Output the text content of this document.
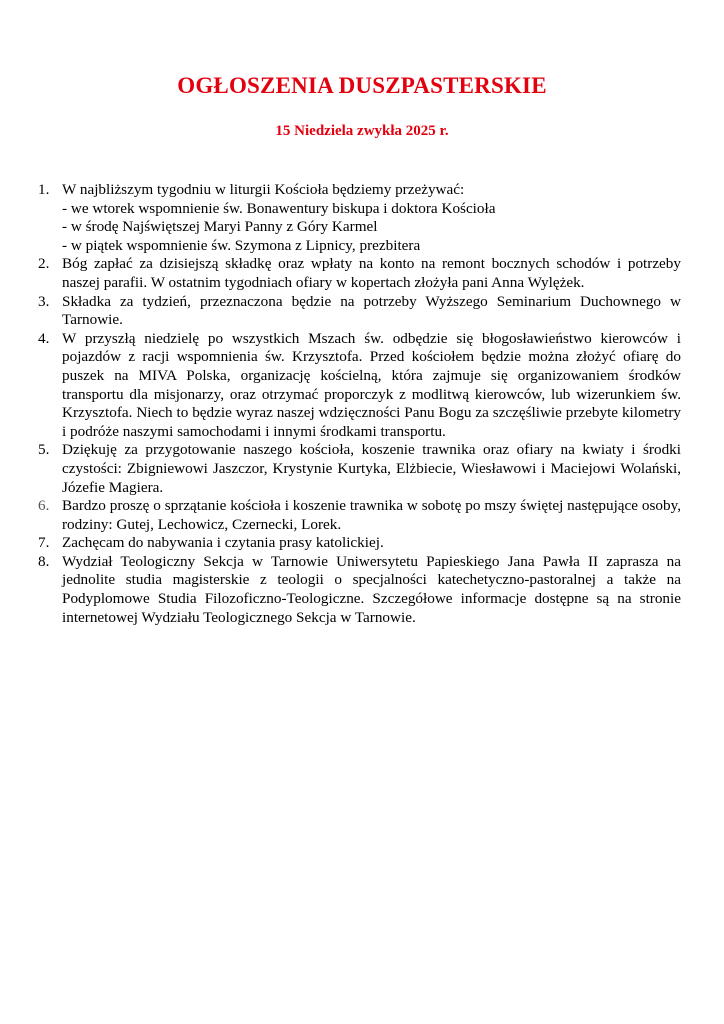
OGŁOSZENIA DUSZPASTERSKIE
15 Niedziela zwykła 2025 r.
1. W najbliższym tygodniu w liturgii Kościoła będziemy przeżywać:
- we wtorek wspomnienie św. Bonawentury biskupa i doktora Kościoła
- w środę Najświętszej Maryi Panny z Góry Karmel
- w piątek wspomnienie św. Szymona z Lipnicy, prezbitera
2. Bóg zapłać za dzisiejszą składkę oraz wpłaty na konto na remont bocznych schodów i potrzeby naszej parafii. W ostatnim tygodniach ofiary w kopertach złożyła pani Anna Wylężek.
3. Składka za tydzień, przeznaczona będzie na potrzeby Wyższego Seminarium Duchownego w Tarnowie.
4. W przyszłą niedzielę po wszystkich Mszach św. odbędzie się błogosławieństwo kierowców i pojazdów z racji wspomnienia św. Krzysztofa. Przed kościołem będzie można złożyć ofiarę do puszek na MIVA Polska, organizację kościelną, która zajmuje się organizowaniem środków transportu dla misjonarzy, oraz otrzymać proporczyk z modlitwą kierowców, lub wizerunkiem św. Krzysztofa. Niech to będzie wyraz naszej wdzięczności Panu Bogu za szczęśliwie przebyte kilometry i podróże naszymi samochodami i innymi środkami transportu.
5. Dziękuję za przygotowanie naszego kościoła, koszenie trawnika oraz ofiary na kwiaty i środki czystości: Zbigniewowi Jaszczor, Krystynie Kurtyka, Elżbiecie, Wiesławowi i Maciejowi Wolański, Józefie Magiera.
6. Bardzo proszę o sprzątanie kościoła i koszenie trawnika w sobotę po mszy świętej następujące osoby, rodziny: Gutej, Lechowicz, Czernecki, Lorek.
7. Zachęcam do nabywania i czytania prasy katolickiej.
8. Wydział Teologiczny Sekcja w Tarnowie Uniwersytetu Papieskiego Jana Pawła II zaprasza na jednolite studia magisterskie z teologii o specjalności katechetyczno-pastoralnej a także na Podyplomowe Studia Filozoficzno-Teologiczne. Szczegółowe informacje dostępne są na stronie internetowej Wydziału Teologicznego Sekcja w Tarnowie.
